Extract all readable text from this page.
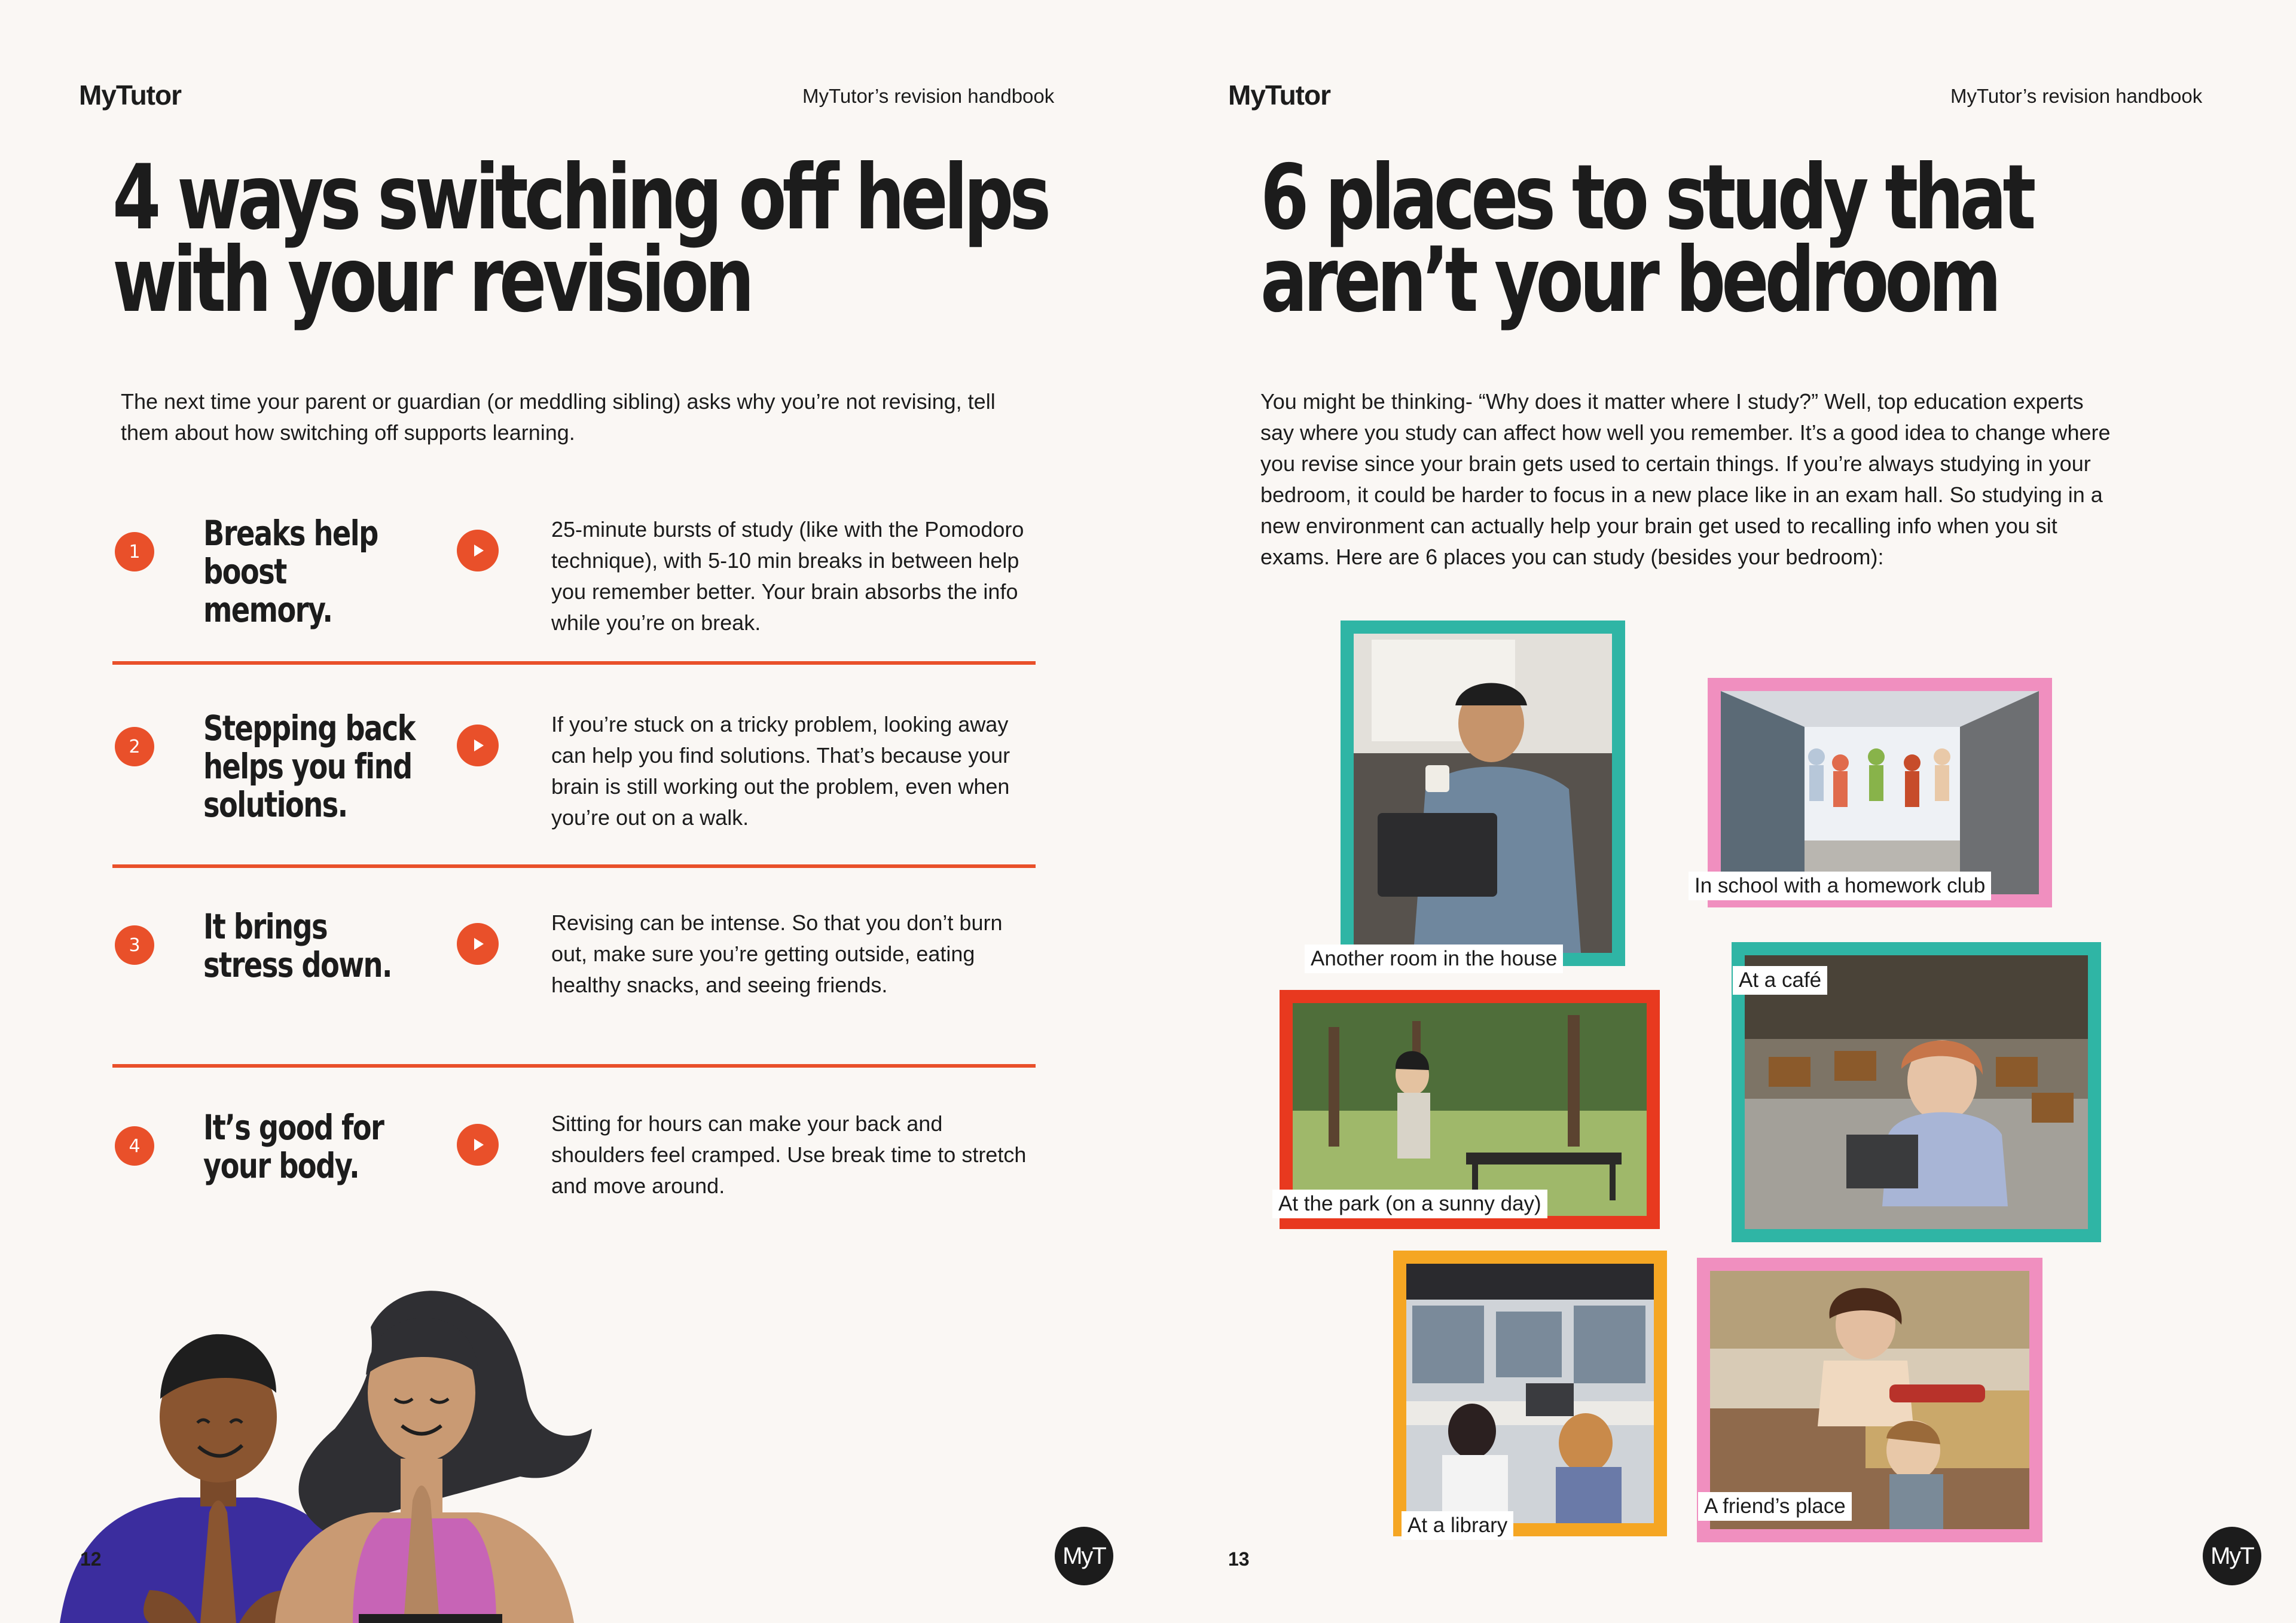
MyTutor	MyTutor’s revision handbook
4 ways switching off helps
with your revision

The next time your parent or guardian (or meddling sibling) asks why you’re not revising, tell them about how switching off supports learning.

1	Breaks help boost memory.

25-minute bursts of study (like with the Pomodoro technique), with 5-10 min breaks in between help you remember better. Your brain absorbs the info while you’re on break.

2	Stepping back helps you find solutions.

If you’re stuck on a tricky problem, looking away can help you find solutions. That’s because your brain is still working out the problem, even when you’re out on a walk.

3	It brings stress down.

Revising can be intense. So that you don’t burn out, make sure you’re getting outside, eating healthy snacks, and seeing friends.

4	It’s good for your body.

Sitting for hours can make your back and shoulders feel cramped. Use break time to stretch and move around.

12	MyT
MyTutor	MyTutor’s revision handbook
6 places to study that
aren’t your bedroom

You might be thinking- “Why does it matter where I study?” Well, top education experts say where you study can affect how well you remember. It’s a good idea to change where you revise since your brain gets used to certain things. If you’re always studying in your bedroom, it could be harder to focus in a new place like in an exam hall. So studying in a new environment can actually help your brain get used to recalling info when you sit exams. Here are 6 places you can study (besides your bedroom):

Another room in the house
In school with a homework club
At a café
At the park (on a sunny day)
At a library
A friend’s place
13	MyT
